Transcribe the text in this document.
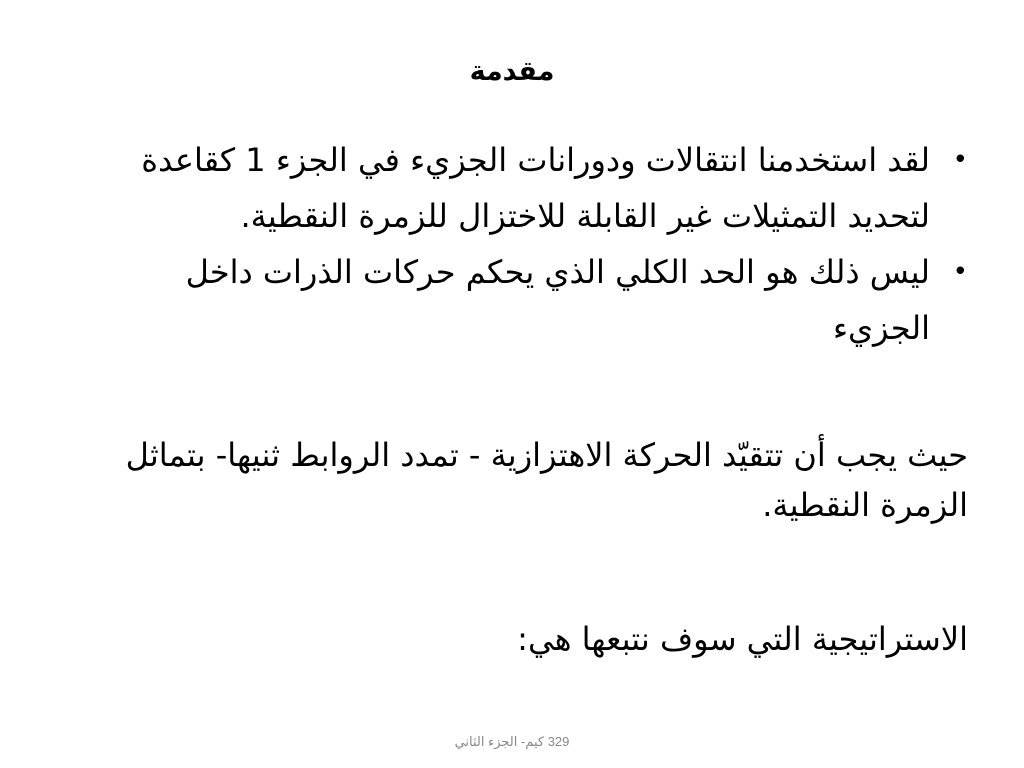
مقدمة
•
لقد استخدمنا انتقالات ودورانات الجزيء في الجزء 1 كقاعدة لتحديد التمثيلات غير القابلة للاختزال للزمرة النقطية.
•
ليس ذلك هو الحد الكلي الذي يحكم حركات الذرات داخل الجزيء

حيث يجب أن تتقيّد الحركة الاهتزازية - تمدد الروابط ثنيها- بتماثل الزمرة النقطية.

الاستراتيجية التي سوف نتبعها هي:

329 كيم- الجزء الثاني
